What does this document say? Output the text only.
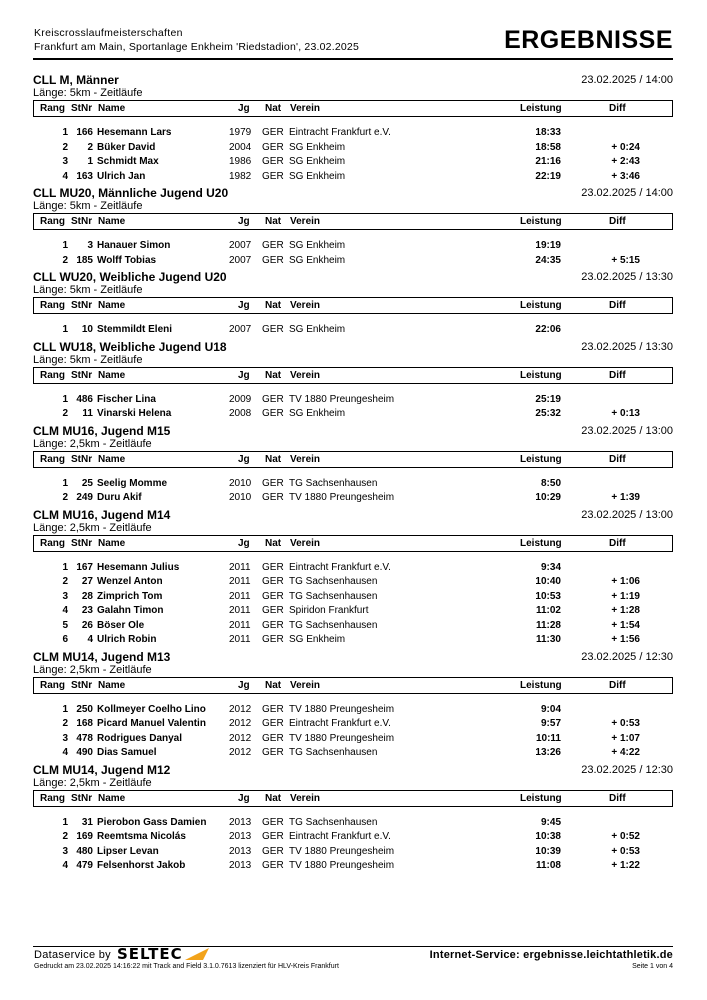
Kreiscrosslaufmeisterschaften
Frankfurt am Main, Sportanlage Enkheim 'Riedstadion', 23.02.2025	ERGEBNISSE
CLL M, Männer	23.02.2025 / 14:00
Länge: 5km - Zeitläufe
Rang StNr Name	Jg Nat Verein	Leistung	Diff
1 166 Hesemann Lars	1979 GER Eintracht Frankfurt e.V.	18:33
2 2 Büker David	2004 GER SG Enkheim	18:58	+ 0:24
3 1 Schmidt Max	1986 GER SG Enkheim	21:16	+ 2:43
4 163 Ulrich Jan	1982 GER SG Enkheim	22:19	+ 3:46
CLL MU20, Männliche Jugend U20	23.02.2025 / 14:00
Länge: 5km - Zeitläufe
Rang StNr Name	Jg Nat Verein	Leistung	Diff
1 3 Hanauer Simon	2007 GER SG Enkheim	19:19
2 185 Wolff Tobias	2007 GER SG Enkheim	24:35	+ 5:15
CLL WU20, Weibliche Jugend U20	23.02.2025 / 13:30
Länge: 5km - Zeitläufe
Rang StNr Name	Jg Nat Verein	Leistung	Diff
1 10 Stemmildt Eleni	2007 GER SG Enkheim	22:06
CLL WU18, Weibliche Jugend U18	23.02.2025 / 13:30
Länge: 5km - Zeitläufe
Rang StNr Name	Jg Nat Verein	Leistung	Diff
1 486 Fischer Lina	2009 GER TV 1880 Preungesheim	25:19
2 11 Vinarski Helena	2008 GER SG Enkheim	25:32	+ 0:13
CLM MU16, Jugend M15	23.02.2025 / 13:00
Länge: 2,5km - Zeitläufe
Rang StNr Name	Jg Nat Verein	Leistung	Diff
1 25 Seelig Momme	2010 GER TG Sachsenhausen	8:50
2 249 Duru Akif	2010 GER TV 1880 Preungesheim	10:29	+ 1:39
CLM MU16, Jugend M14	23.02.2025 / 13:00
Länge: 2,5km - Zeitläufe
Rang StNr Name	Jg Nat Verein	Leistung	Diff
1 167 Hesemann Julius	2011 GER Eintracht Frankfurt e.V.	9:34
2 27 Wenzel Anton	2011 GER TG Sachsenhausen	10:40	+ 1:06
3 28 Zimprich Tom	2011 GER TG Sachsenhausen	10:53	+ 1:19
4 23 Galahn Timon	2011 GER Spiridon Frankfurt	11:02	+ 1:28
5 26 Böser Ole	2011 GER TG Sachsenhausen	11:28	+ 1:54
6 4 Ulrich Robin	2011 GER SG Enkheim	11:30	+ 1:56
CLM MU14, Jugend M13	23.02.2025 / 12:30
Länge: 2,5km - Zeitläufe
Rang StNr Name	Jg Nat Verein	Leistung	Diff
1 250 Kollmeyer Coelho Lino 2012 GER TV 1880 Preungesheim	9:04
2 168 Picard Manuel Valentin 2012 GER Eintracht Frankfurt e.V.	9:57	+ 0:53
3 478 Rodrigues Danyal	2012 GER TV 1880 Preungesheim	10:11	+ 1:07
4 490 Dias Samuel	2012 GER TG Sachsenhausen	13:26	+ 4:22
CLM MU14, Jugend M12	23.02.2025 / 12:30
Länge: 2,5km - Zeitläufe
Rang StNr Name	Jg Nat Verein	Leistung	Diff
1 31 Pierobon Gass Damien 2013 GER TG Sachsenhausen	9:45
2 169 Reemtsma Nicolás	2013 GER Eintracht Frankfurt e.V.	10:38	+ 0:52
3 480 Lipser Levan	2013 GER TV 1880 Preungesheim	10:39	+ 0:53
4 479 Felsenhorst Jakob	2013 GER TV 1880 Preungesheim	11:08	+ 1:22
Dataservice by SELTEC	Internet-Service: ergebnisse.leichtathletik.de
Gedruckt am 23.02.2025 14:16:22 mit Track and Field 3.1.0.7613 lizenziert für HLV-Kreis Frankfurt	Seite 1 von 4
